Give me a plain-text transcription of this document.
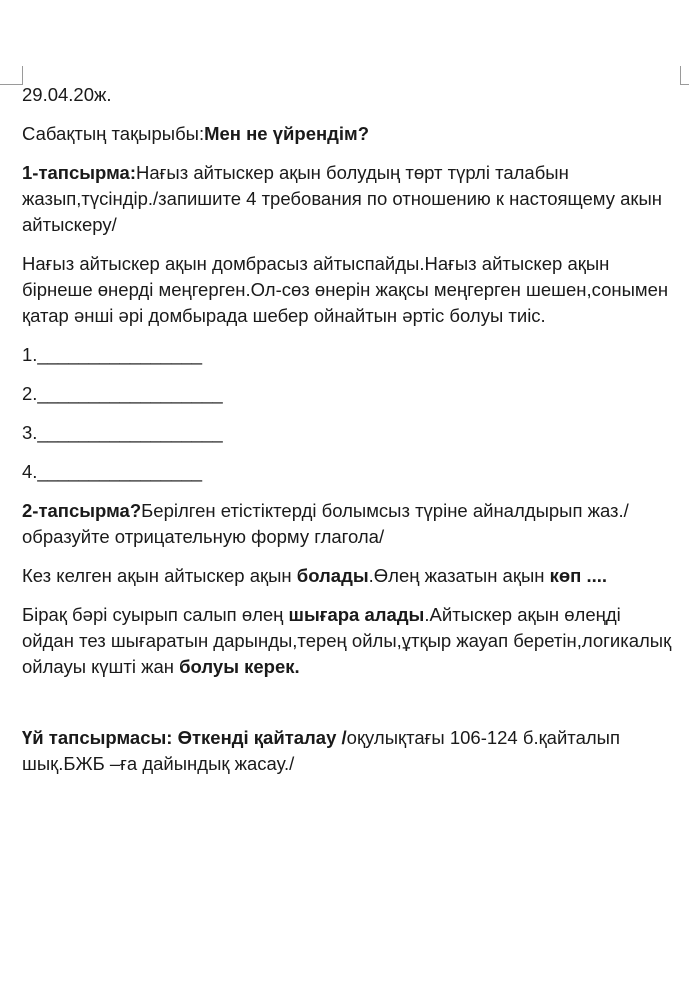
29.04.20ж.

Сабақтың тақырыбы:Мен не үйрендім?

1-тапсырма:Нағыз айтыскер ақын болудың төрт түрлі талабын жазып,түсіндір./запишите 4 требования по отношению к настоящему акын айтыскеру/

Нағыз айтыскер ақын домбрасыз айтыспайды.Нағыз айтыскер ақын бірнеше өнерді меңгерген.Ол-сөз өнерін жақсы меңгерген шешен,сонымен қатар әнші әрі домбырада шебер ойнайтын әртіс болуы тиіс.

1.________________

2.__________________

3.__________________

4.________________

2-тапсырма?Берілген етістіктерді болымсыз түріне айналдырып жаз./образуйте отрицательную форму глагола/

Кез келген ақын айтыскер ақын болады.Өлең жазатын ақын көп ....

Бірақ бәрі суырып салып өлең шығара алады.Айтыскер ақын өлеңді ойдан тез шығаратын дарынды,терең ойлы,ұтқыр жауап беретін,логикалық ойлауы күшті жан болуы керек.

Үй тапсырмасы: Өткенді қайталау /оқулықтағы 106-124 б.қайталып шық.БЖБ –ға дайындық жасау./
